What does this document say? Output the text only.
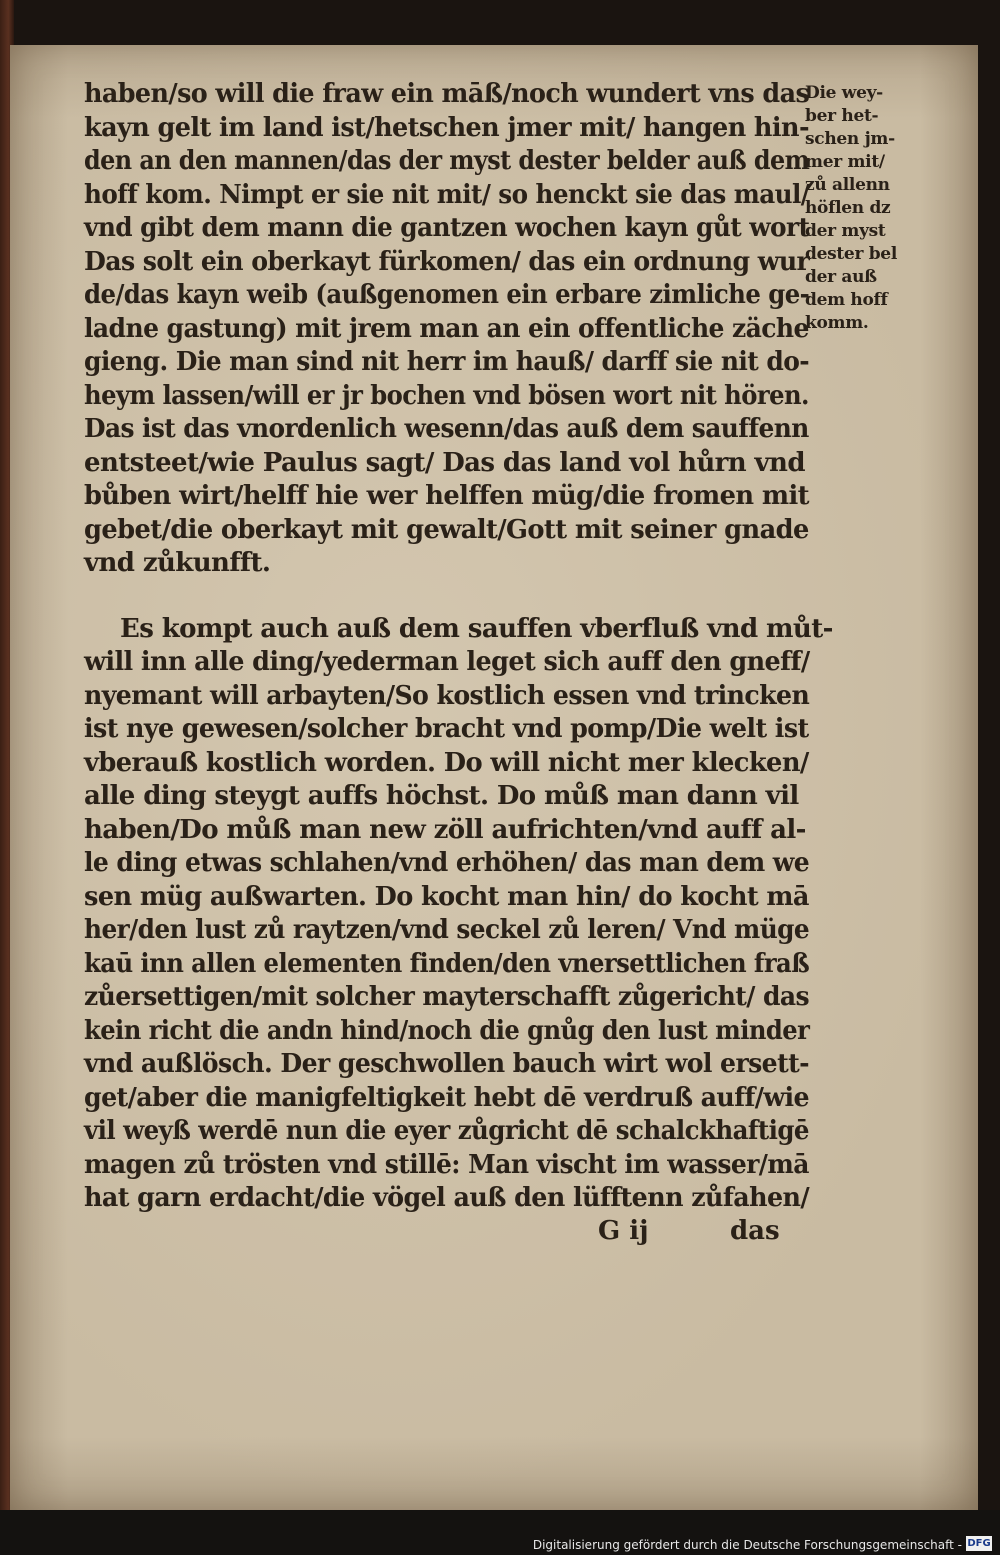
haben/so will die fraw ein māß/noch wundert vns das
kayn gelt im land ist/hetschen jmer mit/ hangen hin-
den an den mannen/das der myst dester belder auß dem
hoff kom. Nimpt er sie nit mit/ so henckt sie das maul/
vnd gibt dem mann die gantzen wochen kayn gůt wort
Das solt ein oberkayt fürkomen/ das ein ordnung wur
de/das kayn weib (außgenomen ein erbare zimliche ge-
ladne gastung) mit jrem man an ein offentliche zäche
gieng. Die man sind nit herr im hauß/ darff sie nit do-
heym lassen/will er jr bochen vnd bösen wort nit hören.
Das ist das vnordenlich wesenn/das auß dem sauffenn
entsteet/wie Paulus sagt/ Das das land vol hůrn vnd
bůben wirt/helff hie wer helffen müg/die fromen mit
gebet/die oberkayt mit gewalt/Gott mit seiner gnade
vnd zůkunfft.
Es kompt auch auß dem sauffen vberfluß vnd můt-
will inn alle ding/yederman leget sich auff den gneff/
nyemant will arbayten/So kostlich essen vnd trincken
ist nye gewesen/solcher bracht vnd pomp/Die welt ist
vberauß kostlich worden. Do will nicht mer klecken/
alle ding steygt auffs höchst. Do můß man dann vil
haben/Do můß man new zöll aufrichten/vnd auff al-
le ding etwas schlahen/vnd erhöhen/ das man dem we
sen müg außwarten. Do kocht man hin/ do kocht mā
her/den lust zů raytzen/vnd seckel zů leren/ Vnd müge
kaū inn allen elementen finden/den vnersettlichen fraß
zůersettigen/mit solcher mayterschafft zůgericht/ das
kein richt die andn hind/noch die gnůg den lust minder
vnd außlösch. Der geschwollen bauch wirt wol ersett-
get/aber die manigfeltigkeit hebt dē verdruß auff/wie
vil weyß werdē nun die eyer zůgricht dē schalckhaftigē
magen zů trösten vnd stillē: Man vischt im wasser/mā
hat garn erdacht/die vögel auß den lüfftenn zůfahen/
Die wey-
ber het-
schen jm-
mer mit/
zů allenn
höflen dz
der myst
dester bel
der auß
dem hoff
komm.
G ij	das
Digitalisierung gefördert durch die Deutsche Forschungsgemeinschaft - DFG
